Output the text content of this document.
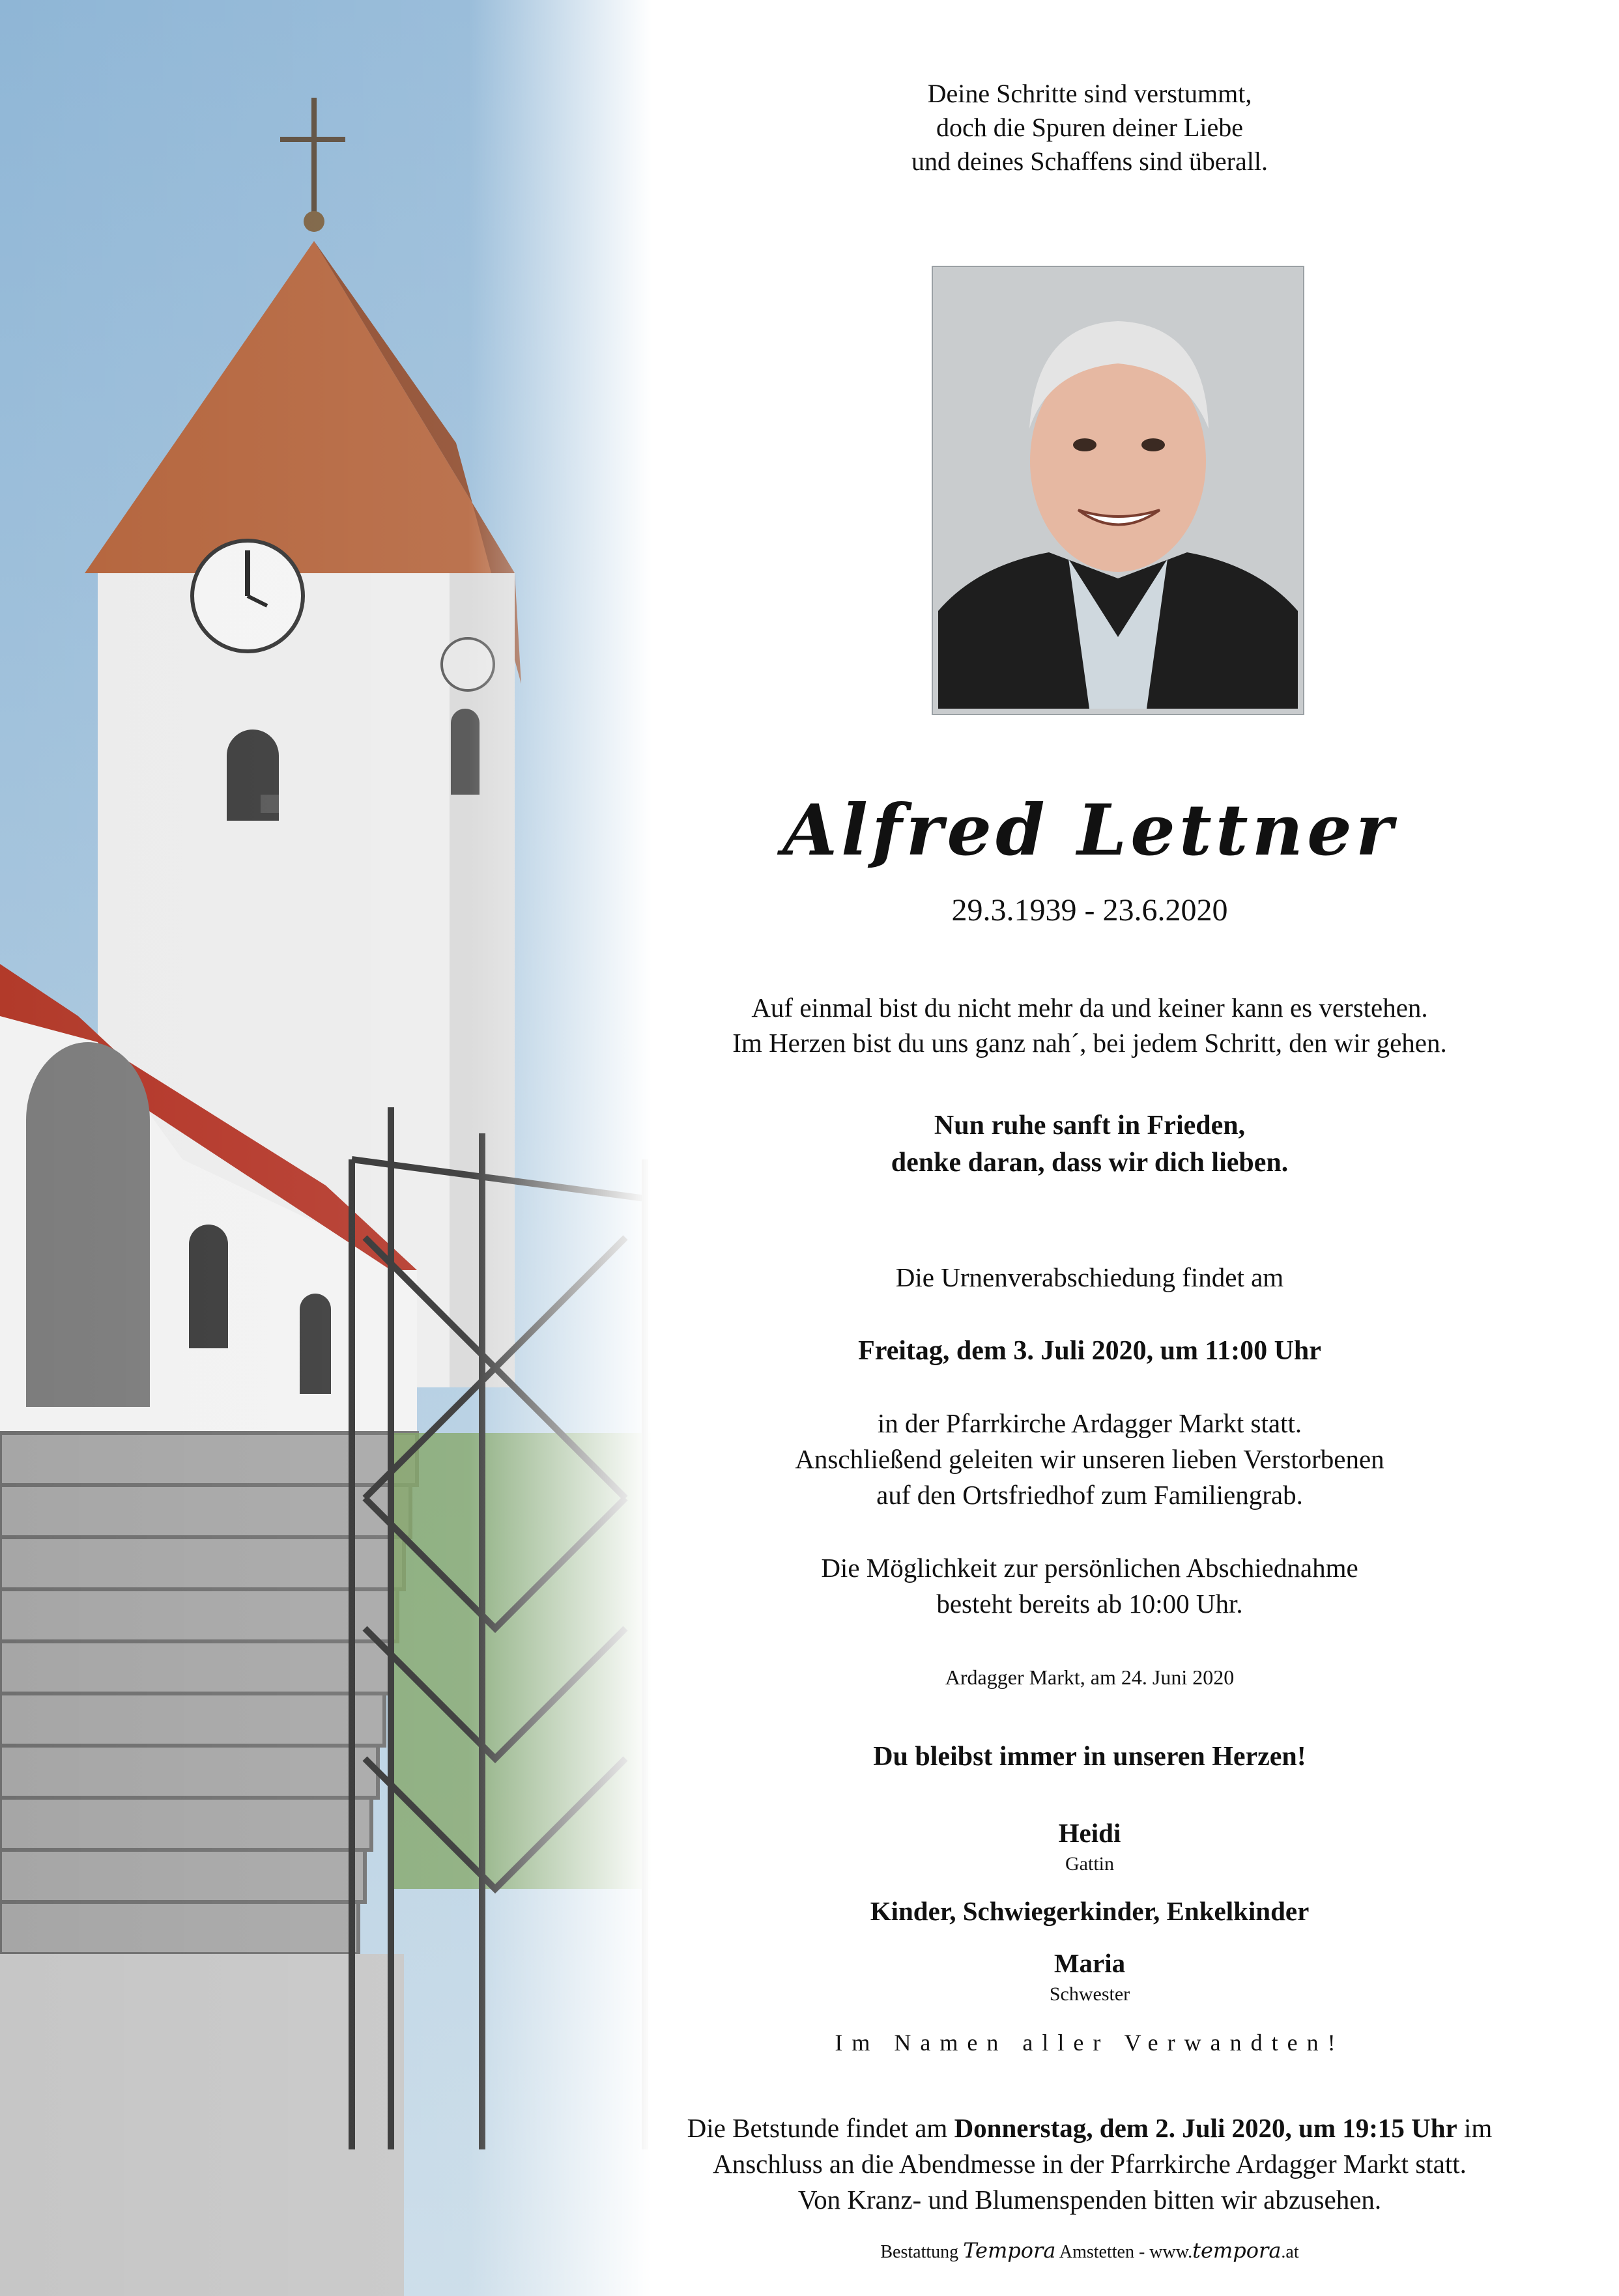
Deine Schritte sind verstummt,
doch die Spuren deiner Liebe
und deines Schaffens sind überall.
Alfred Lettner
29.3.1939 - 23.6.2020
Auf einmal bist du nicht mehr da und keiner kann es verstehen.
Im Herzen bist du uns ganz nah´, bei jedem Schritt, den wir gehen.
Nun ruhe sanft in Frieden,
denke daran, dass wir dich lieben.
Die Urnenverabschiedung findet am
Freitag, dem 3. Juli 2020, um 11:00 Uhr
in der Pfarrkirche Ardagger Markt statt.
Anschließend geleiten wir unseren lieben Verstorbenen
auf den Ortsfriedhof zum Familiengrab.
Die Möglichkeit zur persönlichen Abschiednahme
besteht bereits ab 10:00 Uhr.
Ardagger Markt, am 24. Juni 2020
Du bleibst immer in unseren Herzen!
Heidi
Gattin
Kinder, Schwiegerkinder, Enkelkinder
Maria
Schwester
Im Namen aller Verwandten!
Die Betstunde findet am Donnerstag, dem 2. Juli 2020, um 19:15 Uhr im
Anschluss an die Abendmesse in der Pfarrkirche Ardagger Markt statt.
Von Kranz- und Blumenspenden bitten wir abzusehen.
Bestattung Tempora Amstetten - www.tempora.at
